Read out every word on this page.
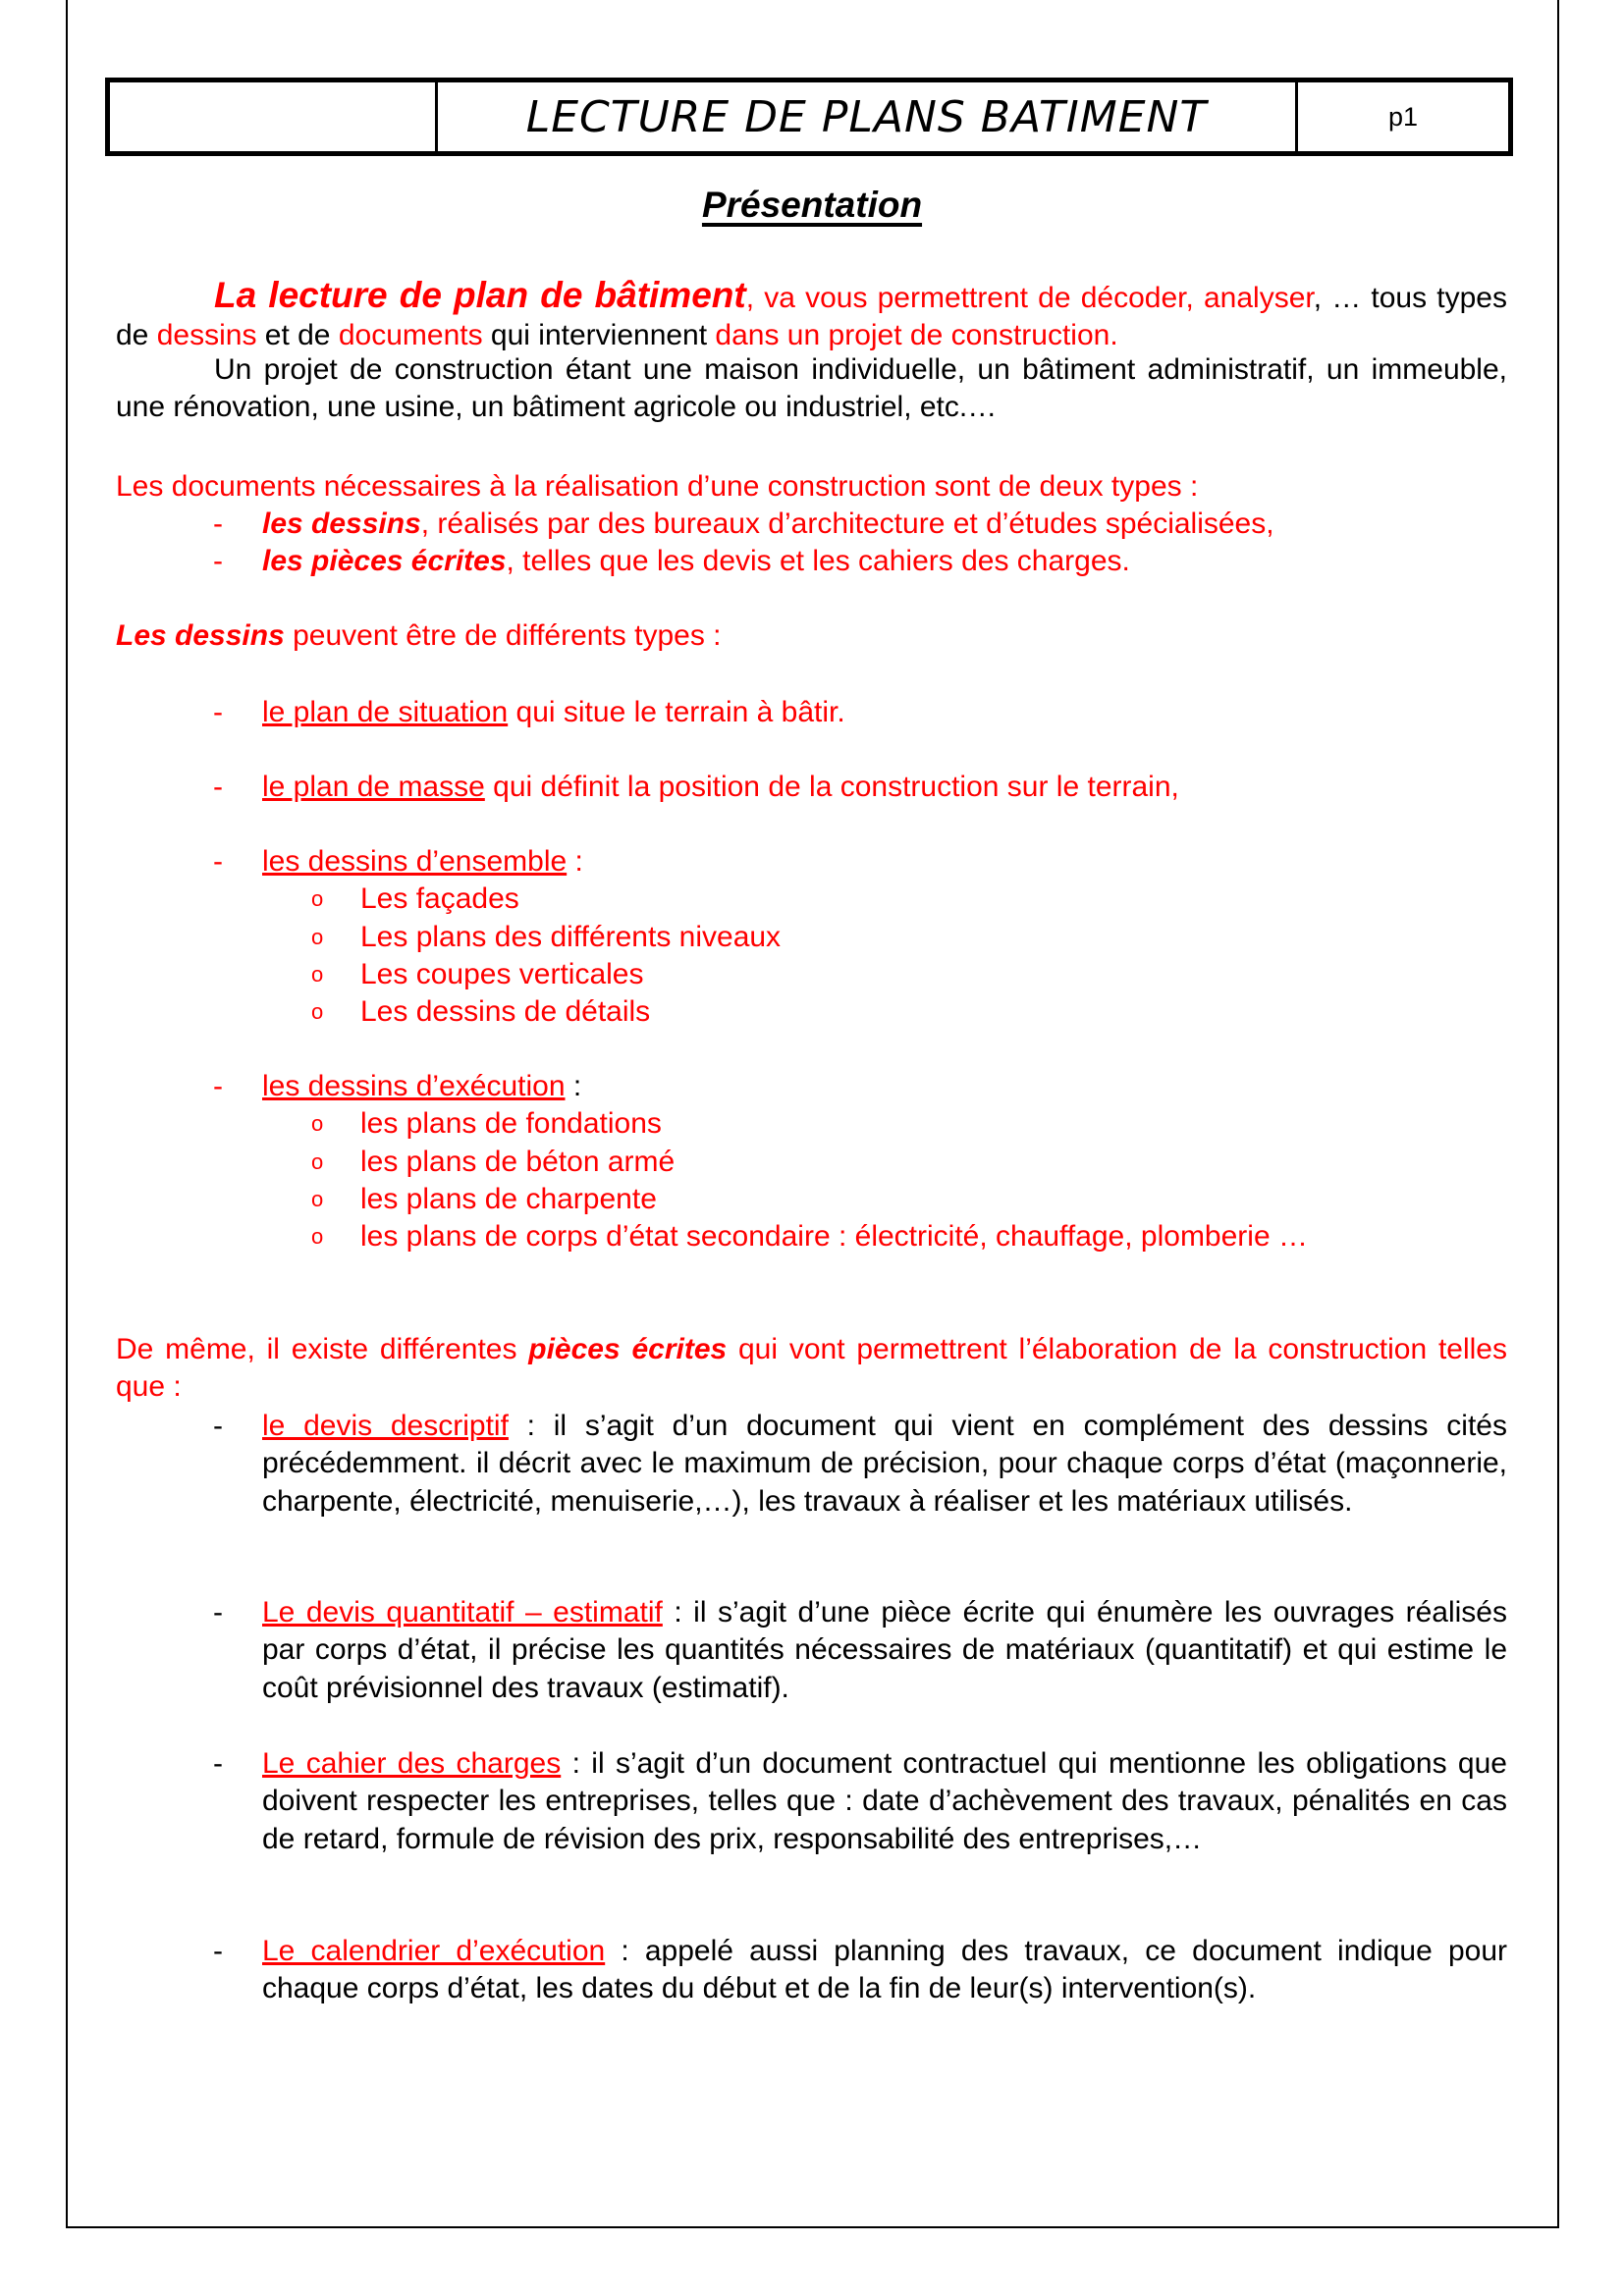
LECTURE DE PLANS BATIMENT	p1
Présentation

La lecture de plan de bâtiment, va vous permettrent de décoder, analyser, … tous types de dessins et de documents qui interviennent dans un projet de construction.

Un projet de construction étant une maison individuelle, un bâtiment administratif, un immeuble, une rénovation, une usine, un bâtiment agricole ou industriel, etc.…

Les documents nécessaires à la réalisation d’une construction sont de deux types :

- les dessins, réalisés par des bureaux d’architecture et d’études spécialisées,

- les pièces écrites, telles que les devis et les cahiers des charges.

Les dessins peuvent être de différents types :

- le plan de situation qui situe le terrain à bâtir.

- le plan de masse qui définit la position de la construction sur le terrain,

- les dessins d’ensemble :

o Les façades
o Les plans des différents niveaux
o Les coupes verticales
o Les dessins de détails

- les dessins d’exécution :

o les plans de fondations
o les plans de béton armé
o les plans de charpente
o les plans de corps d’état secondaire : électricité, chauffage, plomberie …

De même, il existe différentes pièces écrites qui vont permettrent l’élaboration de la construction telles que :

- le devis descriptif : il s’agit d’un document qui vient en complément des dessins cités précédemment. il décrit avec le maximum de précision, pour chaque corps d’état (maçonnerie, charpente, électricité, menuiserie,…), les travaux à réaliser et les matériaux utilisés.

- Le devis quantitatif – estimatif : il s’agit d’une pièce écrite qui énumère les ouvrages réalisés par corps d’état, il précise les quantités nécessaires de matériaux (quantitatif) et qui estime le coût prévisionnel des travaux (estimatif).

- Le cahier des charges : il s’agit d’un document contractuel qui mentionne les obligations que doivent respecter les entreprises, telles que : date d’achèvement des travaux, pénalités en cas de retard, formule de révision des prix, responsabilité des entreprises,…

- Le calendrier d’exécution : appelé aussi planning des travaux, ce document indique pour chaque corps d’état, les dates du début et de la fin de leur(s) intervention(s).
